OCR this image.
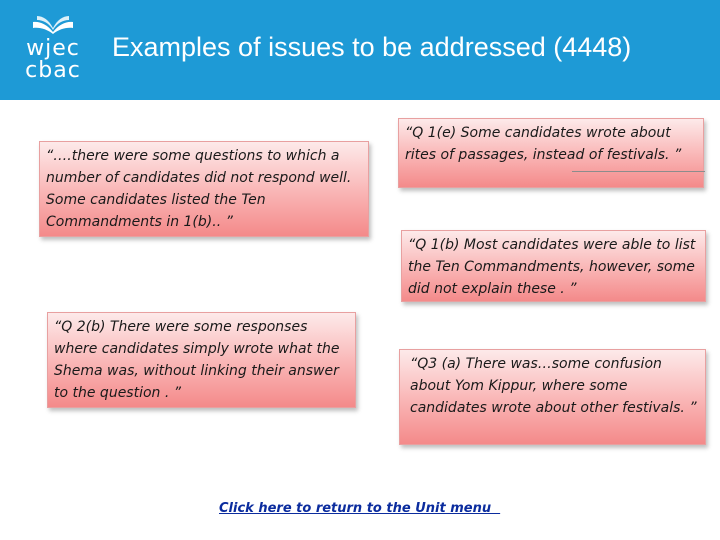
wjec
cbac
Examples of issues to be addressed (4448)
“….there were some questions to which a number of candidates did not respond well. Some candidates listed the Ten Commandments in 1(b).. ”
“Q 1(e) Some candidates wrote about rites of passages, instead of festivals. ”
“Q 1(b) Most candidates were able to list the Ten Commandments, however, some did not explain these . ”
“Q 2(b) There were some responses where candidates simply wrote what the Shema was, without linking their answer to the question . ”
“Q3 (a) There was…some confusion about Yom Kippur, where some candidates wrote about other festivals. ”
Click here to return to the Unit menu
